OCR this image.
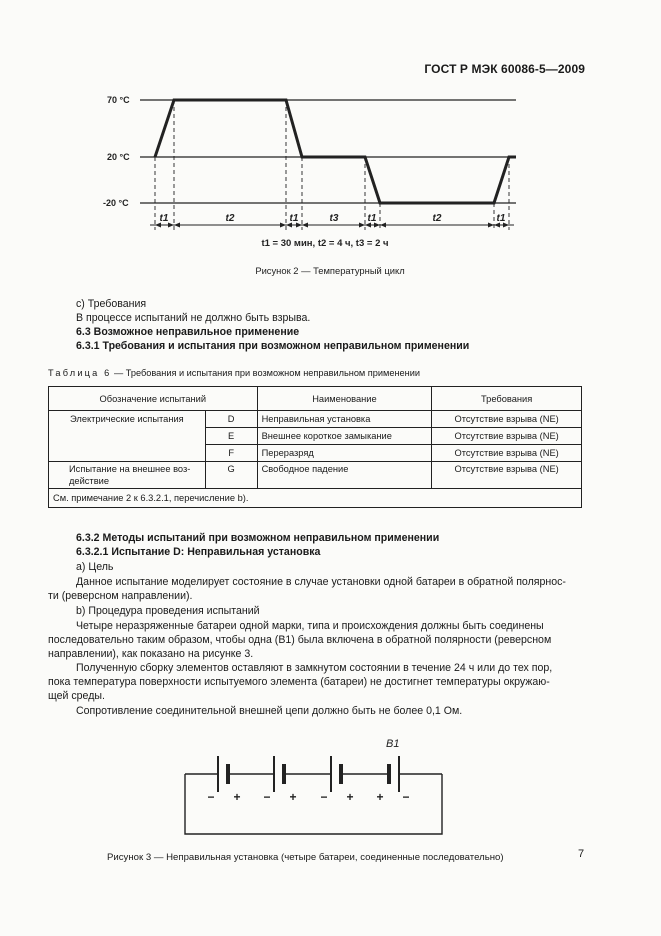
ГОСТ Р МЭК 60086-5—2009
70 °C
20 °C
-20 °C
t1	t2	t1	t3	t1	t2	t1
t1 = 30 мин, t2 = 4 ч, t3 = 2 ч
Рисунок 2 — Температурный цикл
с) Требования
В процессе испытаний не должно быть взрыва.
6.3 Возможное неправильное применение
6.3.1 Требования и испытания при возможном неправильном применении
Таблица 6 — Требования и испытания при возможном неправильном применении
Обозначение испытаний		Наименование	Требования
Электрические испытания	D	Неправильная установка	Отсутствие взрыва (NE)
	E	Внешнее короткое замыкание	Отсутствие взрыва (NE)
	F	Переразряд	Отсутствие взрыва (NE)
Испытание на внешнее воз-действие	G	Свободное падение	Отсутствие взрыва (NE)
См. примечание 2 к 6.3.2.1, перечисление b).			
6.3.2 Методы испытаний при возможном неправильном применении
6.3.2.1 Испытание D: Неправильная установка
а) Цель
Данное испытание моделирует состояние в случае установки одной батареи в обратной полярнос-
ти (реверсном направлении).
b) Процедура проведения испытаний
Четыре неразряженные батареи одной марки, типа и происхождения должны быть соединены
последовательно таким образом, чтобы одна (В1) была включена в обратной полярности (реверсном
направлении), как показано на рисунке 3.
Полученную сборку элементов оставляют в замкнутом состоянии в течение 24 ч или до тех пор,
пока температура поверхности испытуемого элемента (батареи) не достигнет температуры окружаю-
щей среды.
Сопротивление соединительной внешней цепи должно быть не более 0,1 Ом.
В1
− + − + − + + −
Рисунок 3 — Неправильная установка (четыре батареи, соединенные последовательно)	7
